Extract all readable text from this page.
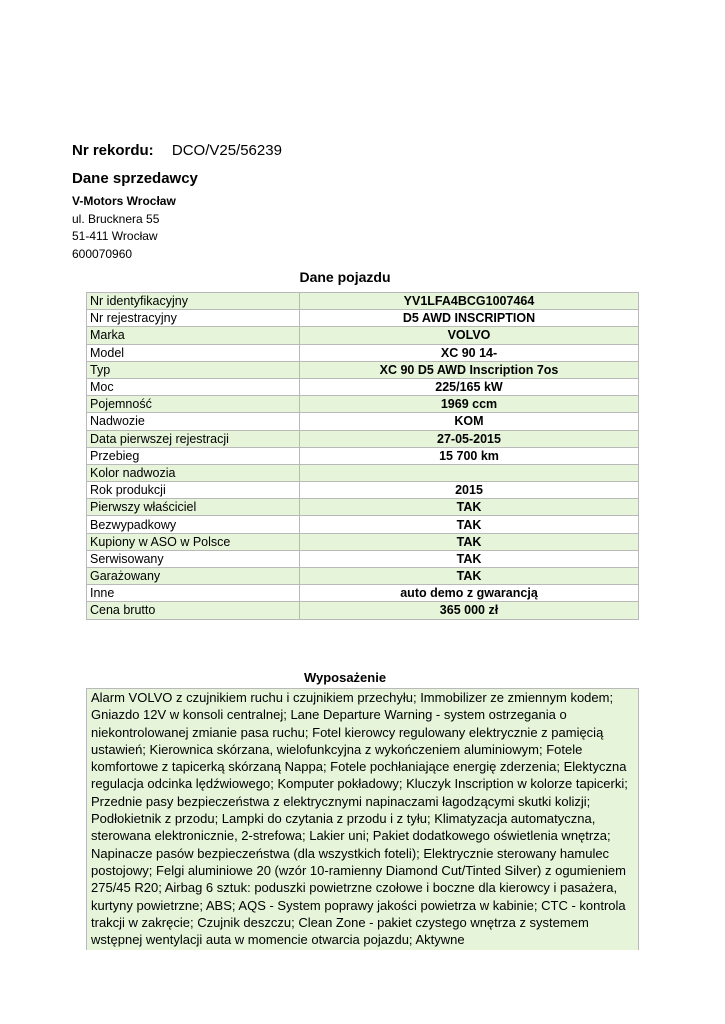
Nr rekordu: DCO/V25/56239
Dane sprzedawcy
V-Motors Wrocław
ul. Brucknera 55
51-411 Wrocław
600070960
Dane pojazdu
Nr identyfikacyjny	YV1LFA4BCG1007464
Nr rejestracyjny	D5 AWD INSCRIPTION
Marka	VOLVO
Model	XC 90 14-
Typ	XC 90 D5 AWD Inscription 7os
Moc	225/165 kW
Pojemność	1969 ccm
Nadwozie	KOM
Data pierwszej rejestracji	27-05-2015
Przebieg	15 700 km
Kolor nadwozia	
Rok produkcji	2015
Pierwszy właściciel	TAK
Bezwypadkowy	TAK
Kupiony w ASO w Polsce	TAK
Serwisowany	TAK
Garażowany	TAK
Inne	auto demo z gwarancją
Cena brutto	365 000 zł
Wyposażenie
Alarm VOLVO z czujnikiem ruchu i czujnikiem przechyłu; Immobilizer ze zmiennym kodem; Gniazdo 12V w konsoli centralnej; Lane Departure Warning - system ostrzegania o niekontrolowanej zmianie pasa ruchu; Fotel kierowcy regulowany elektrycznie z pamięcią ustawień; Kierownica skórzana, wielofunkcyjna z wykończeniem aluminiowym; Fotele komfortowe z tapicerką skórzaną Nappa; Fotele pochłaniające energię zderzenia; Elektyczna regulacja odcinka lędźwiowego; Komputer pokładowy; Kluczyk Inscription w kolorze tapicerki; Przednie pasy bezpieczeństwa z elektrycznymi napinaczami łagodzącymi skutki kolizji; Podłokietnik z przodu; Lampki do czytania z przodu i z tyłu; Klimatyzacja automatyczna, sterowana elektronicznie, 2-strefowa; Lakier uni; Pakiet dodatkowego oświetlenia wnętrza; Napinacze pasów bezpieczeństwa (dla wszystkich foteli); Elektrycznie sterowany hamulec postojowy; Felgi aluminiowe 20 (wzór 10-ramienny Diamond Cut/Tinted Silver) z ogumieniem 275/45 R20; Airbag 6 sztuk: poduszki powietrzne czołowe i boczne dla kierowcy i pasażera, kurtyny powietrzne; ABS; AQS - System poprawy jakości powietrza w kabinie; CTC - kontrola trakcji w zakręcie; Czujnik deszczu; Clean Zone - pakiet czystego wnętrza z systemem wstępnej wentylacji auta w momencie otwarcia pojazdu; Aktywne
